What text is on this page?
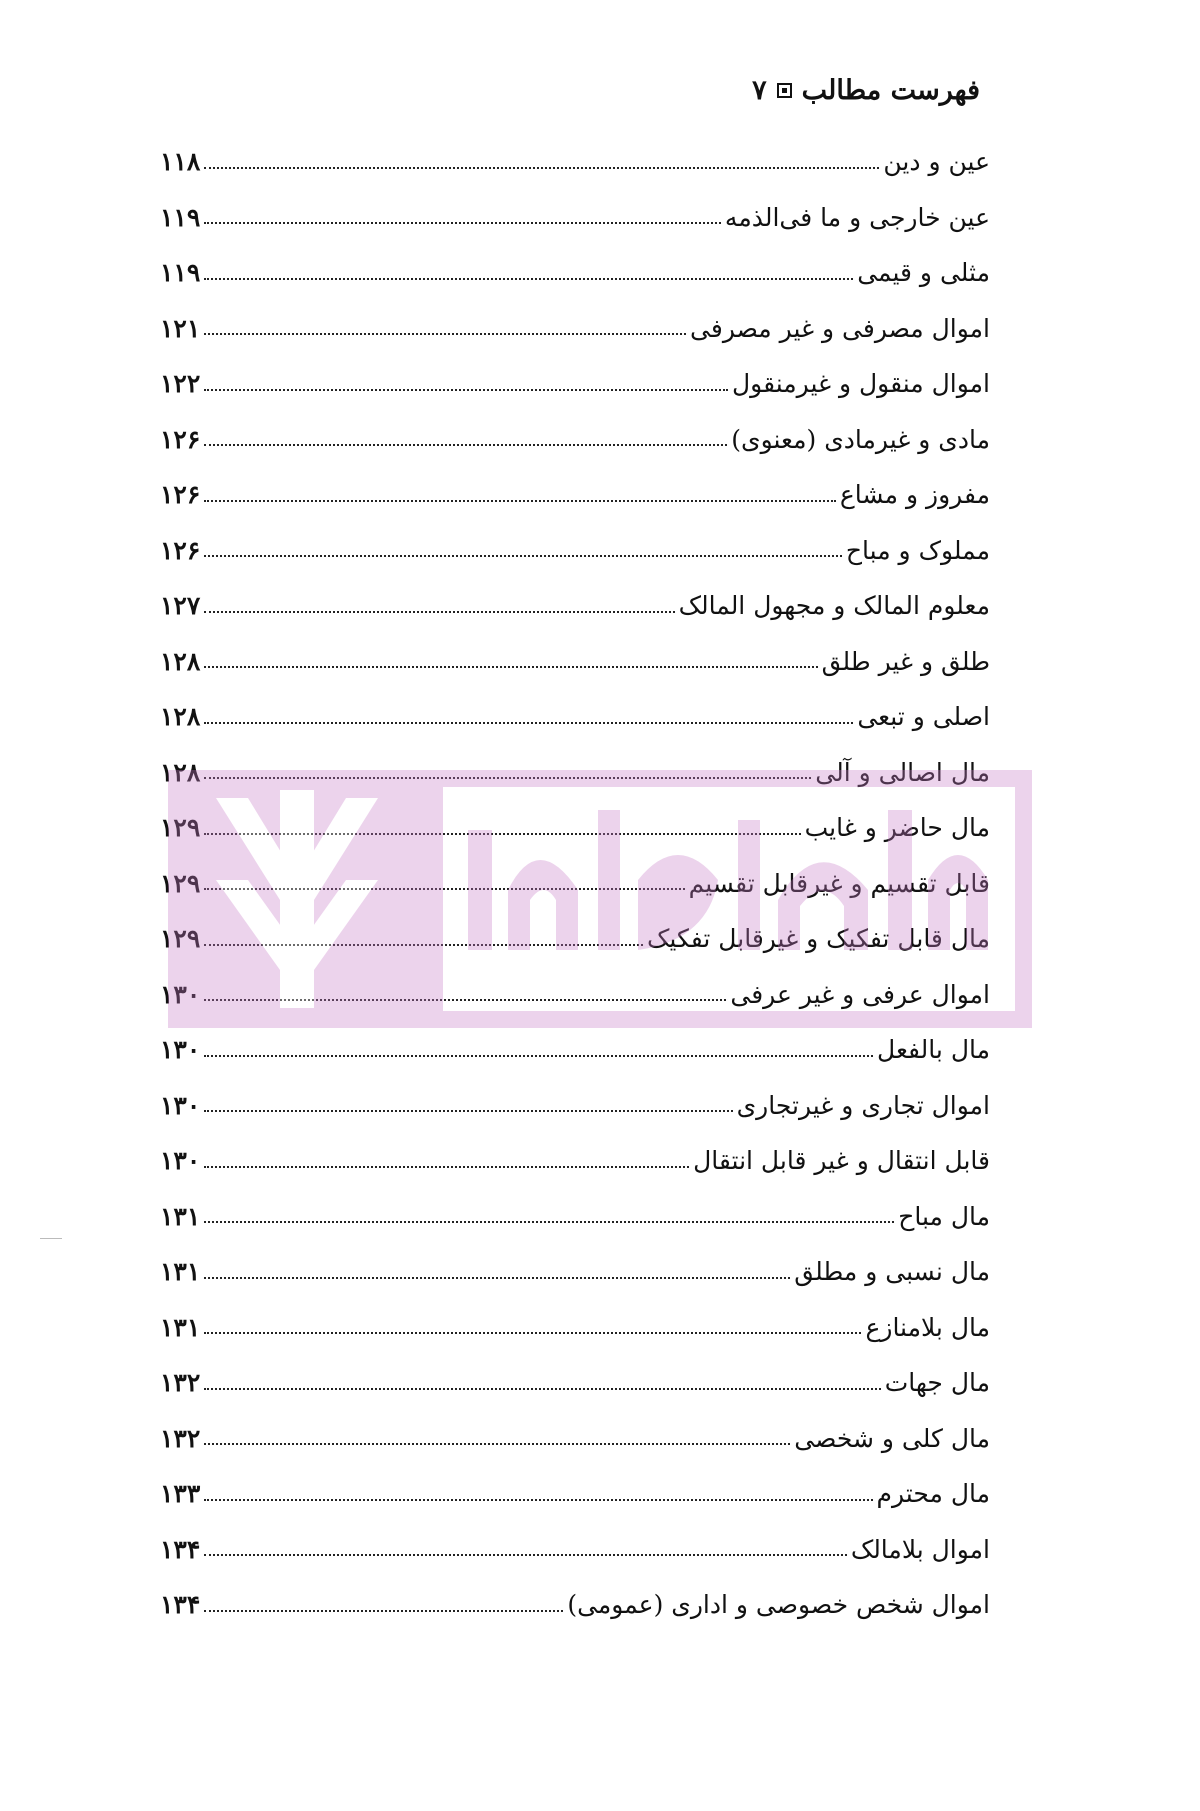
فهرست مطالب
۷
عین و دین
۱۱۸
عین خارجی و ما فی‌الذمه
۱۱۹
مثلی و قیمی
۱۱۹
اموال مصرفی و غیر مصرفی
۱۲۱
اموال منقول و غیرمنقول
۱۲۲
مادی و غیرمادی (معنوی)
۱۲۶
مفروز و مشاع
۱۲۶
مملوک و مباح
۱۲۶
معلوم المالک و مجهول المالک
۱۲۷
طلق و غیر طلق
۱۲۸
اصلی و تبعی
۱۲۸
مال اصالی و آلی
۱۲۸
مال حاضر و غایب
۱۲۹
قابل تقسیم و غیرقابل تقسیم
۱۲۹
مال قابل تفکیک و غیرقابل تفکیک
۱۲۹
اموال عرفی و غیر عرفی
۱۳۰
مال بالفعل
۱۳۰
اموال تجاری و غیرتجاری
۱۳۰
قابل انتقال و غیر قابل انتقال
۱۳۰
مال مباح
۱۳۱
مال نسبی و مطلق
۱۳۱
مال بلامنازع
۱۳۱
مال جهات
۱۳۲
مال کلی و شخصی
۱۳۲
مال محترم
۱۳۳
اموال بلامالک
۱۳۴
اموال شخص خصوصی و اداری (عمومی)
۱۳۴
